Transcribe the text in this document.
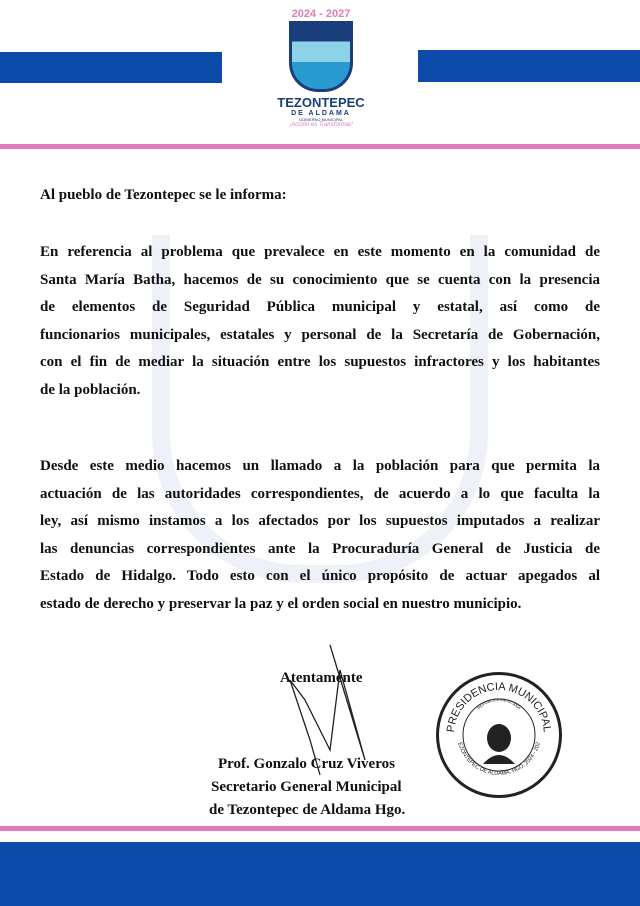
2024 - 2027
TEZONTEPEC
DE ALDAMA
GOBIERNO MUNICIPAL
¡Acción es Transformar!
Al pueblo de Tezontepec se le informa:
En referencia al problema que prevalece en este momento en la comunidad de
Santa María Batha, hacemos de su conocimiento que se cuenta con la presencia
de elementos de Seguridad Pública municipal y estatal, así como de
funcionarios municipales, estatales y personal de la Secretaría de Gobernación,
con el fin de mediar la situación entre los supuestos infractores y los habitantes
de la población.
Desde este medio hacemos un llamado a la población para que permita la
actuación de las autoridades correspondientes, de acuerdo a lo que faculta la
ley, así mismo instamos a los afectados por los supuestos imputados a realizar
las denuncias correspondientes ante la Procuraduría General de Justicia de
Estado de Hidalgo. Todo esto con el único propósito de actuar apegados al
estado de derecho y preservar la paz y el orden social en nuestro municipio.
Atentamente
PRESIDENCIA MUNICIPAL
EZONTEPEC DE ALDAMA, HGO. 2024 - 202
REPUBLICA MEXICANA
Prof. Gonzalo Cruz Viveros
Secretario General Municipal
de Tezontepec de Aldama Hgo.
